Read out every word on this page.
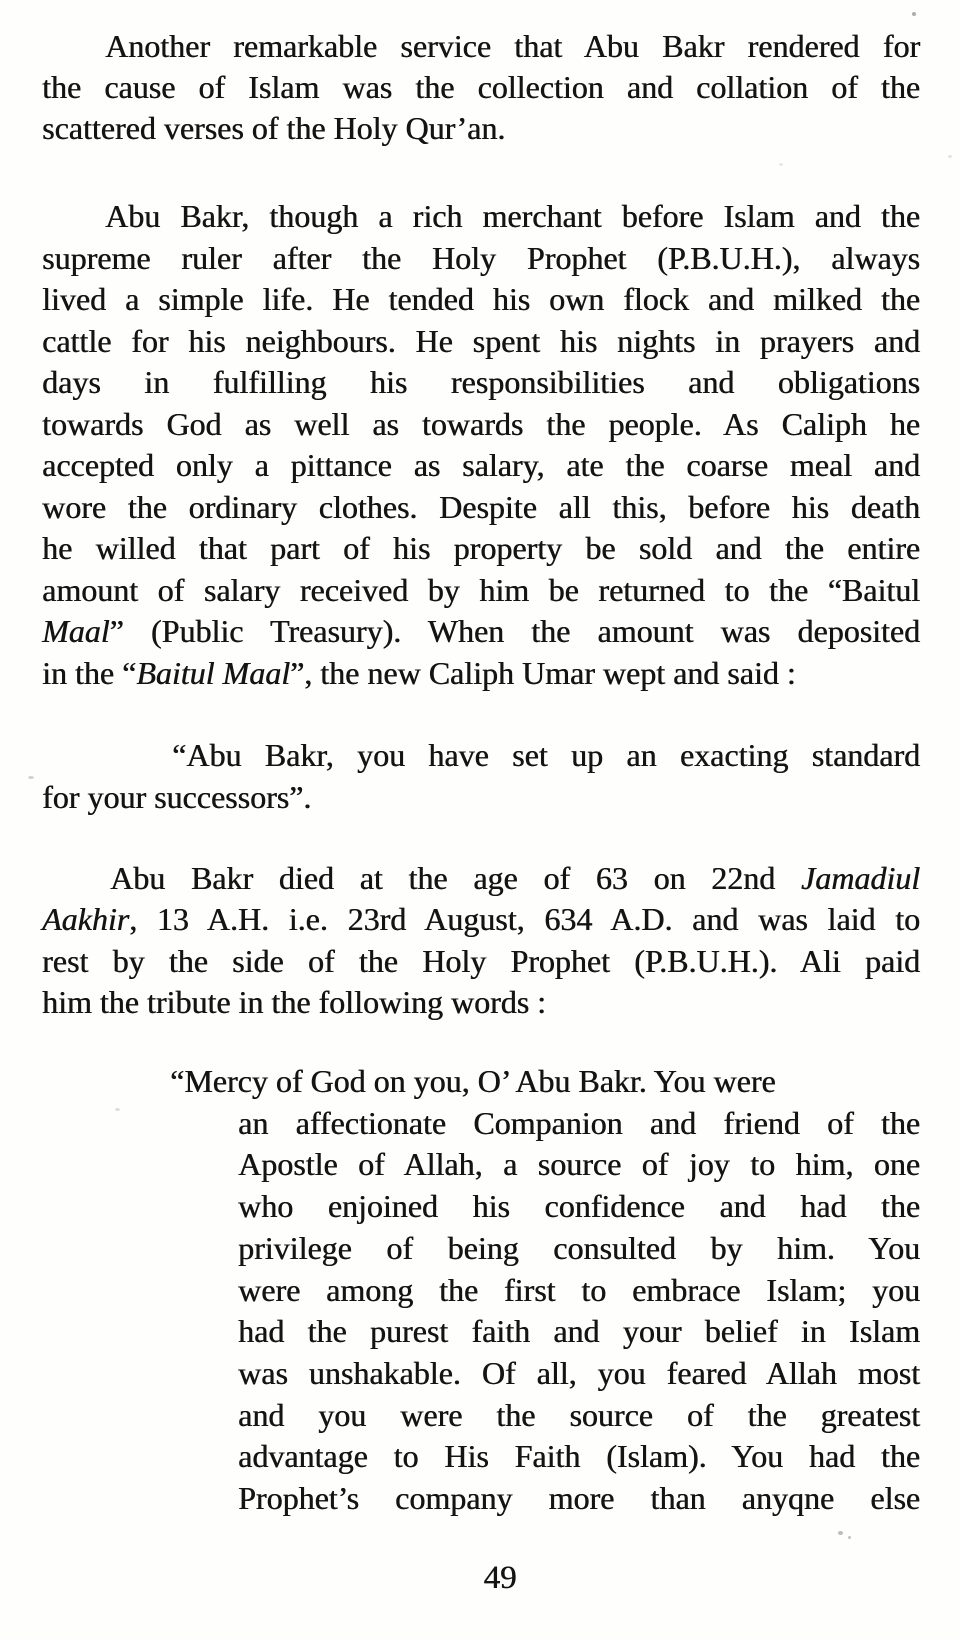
Another remarkable service that Abu Bakr rendered for
the cause of Islam was the collection and collation of the
scattered verses of the Holy Qur’an.
Abu Bakr, though a rich merchant before Islam and the
supreme ruler after the Holy Prophet (P.B.U.H.), always
lived a simple life. He tended his own flock and milked the
cattle for his neighbours. He spent his nights in prayers and
days in fulfilling his responsibilities and obligations
towards God as well as towards the people. As Caliph he
accepted only a pittance as salary, ate the coarse meal and
wore the ordinary clothes. Despite all this, before his death
he willed that part of his property be sold and the entire
amount of salary received by him be returned to the “Baitul
Maal” (Public Treasury). When the amount was deposited
in the “Baitul Maal”, the new Caliph Umar wept and said :
“Abu Bakr, you have set up an exacting standard
for your successors”.
Abu Bakr died at the age of 63 on 22nd Jamadiul
Aakhir, 13 A.H. i.e. 23rd August, 634 A.D. and was laid to
rest by the side of the Holy Prophet (P.B.U.H.). Ali paid
him the tribute in the following words :
“Mercy of God on you, O’ Abu Bakr. You were
an affectionate Companion and friend of the
Apostle of Allah, a source of joy to him, one
who enjoined his confidence and had the
privilege of being consulted by him. You
were among the first to embrace Islam; you
had the purest faith and your belief in Islam
was unshakable. Of all, you feared Allah most
and you were the source of the greatest
advantage to His Faith (Islam). You had the
Prophet’s company more than anyqne else
49
